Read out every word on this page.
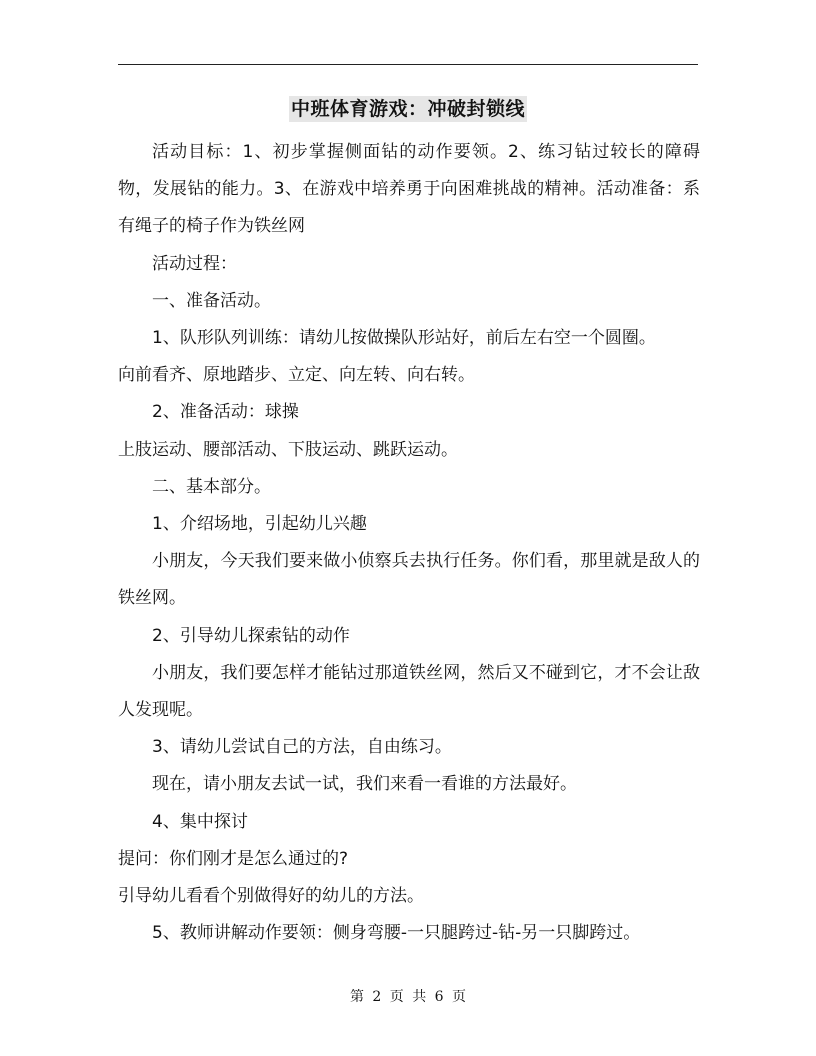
中班体育游戏：冲破封锁线

活动目标：1、初步掌握侧面钻的动作要领。2、练习钻过较长的障碍物，发展钻的能力。3、在游戏中培养勇于向困难挑战的精神。活动准备：系有绳子的椅子作为铁丝网

活动过程：

一、准备活动。

1、队形队列训练：请幼儿按做操队形站好，前后左右空一个圆圈。

向前看齐、原地踏步、立定、向左转、向右转。

2、准备活动：球操

上肢运动、腰部活动、下肢运动、跳跃运动。

二、基本部分。

1、介绍场地，引起幼儿兴趣

小朋友，今天我们要来做小侦察兵去执行任务。你们看，那里就是敌人的铁丝网。

2、引导幼儿探索钻的动作

小朋友，我们要怎样才能钻过那道铁丝网，然后又不碰到它，才不会让敌人发现呢。

3、请幼儿尝试自己的方法，自由练习。

现在，请小朋友去试一试，我们来看一看谁的方法最好。

4、集中探讨

提问：你们刚才是怎么通过的?

引导幼儿看看个别做得好的幼儿的方法。

5、教师讲解动作要领：侧身弯腰-一只腿跨过-钻-另一只脚跨过。

第 2 页 共 6 页
